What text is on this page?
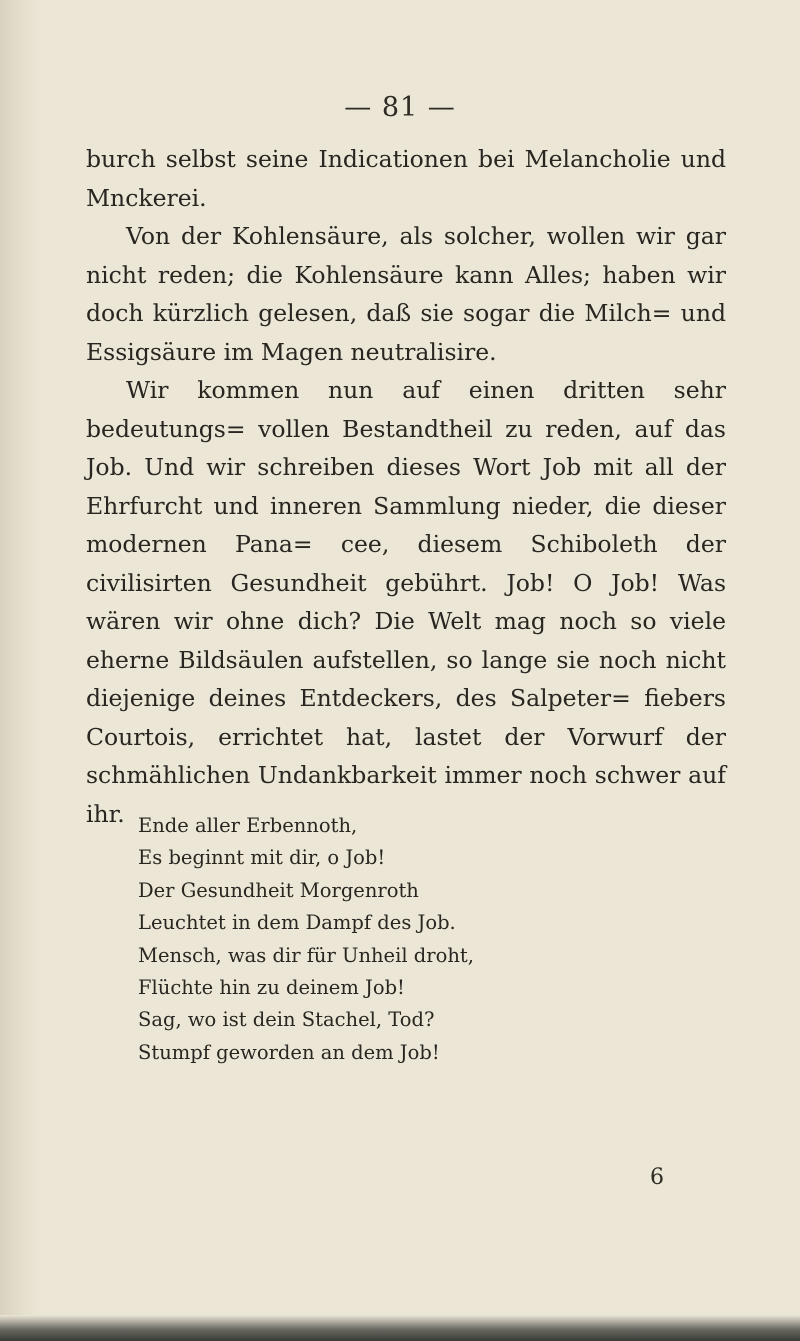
— 81 —

burch selbst seine Indicationen bei Melancholie und Mnckerei.

Von der Kohlensäure, als solcher, wollen wir gar nicht reden; die Kohlensäure kann Alles; haben wir doch kürzlich gelesen, daß sie sogar die Milch= und Essigsäure im Magen neutralisire.

Wir kommen nun auf einen dritten sehr bedeutungs= vollen Bestandtheil zu reden, auf das Job. Und wir schreiben dieses Wort Job mit all der Ehrfurcht und inneren Sammlung nieder, die dieser modernen Pana= cee, diesem Schiboleth der civilisirten Gesundheit gebührt. Job! O Job! Was wären wir ohne dich? Die Welt mag noch so viele eherne Bildsäulen aufstellen, so lange sie noch nicht diejenige deines Entdeckers, des Salpeter= fiebers Courtois, errichtet hat, lastet der Vorwurf der schmählichen Undankbarkeit immer noch schwer auf ihr. Ende aller Erbennoth,
Es beginnt mit dir, o Job!
Der Gesundheit Morgenroth
Leuchtet in dem Dampf des Job.
Mensch, was dir für Unheil droht,
Flüchte hin zu deinem Job!
Sag, wo ist dein Stachel, Tod?
Stumpf geworden an dem Job!
6
